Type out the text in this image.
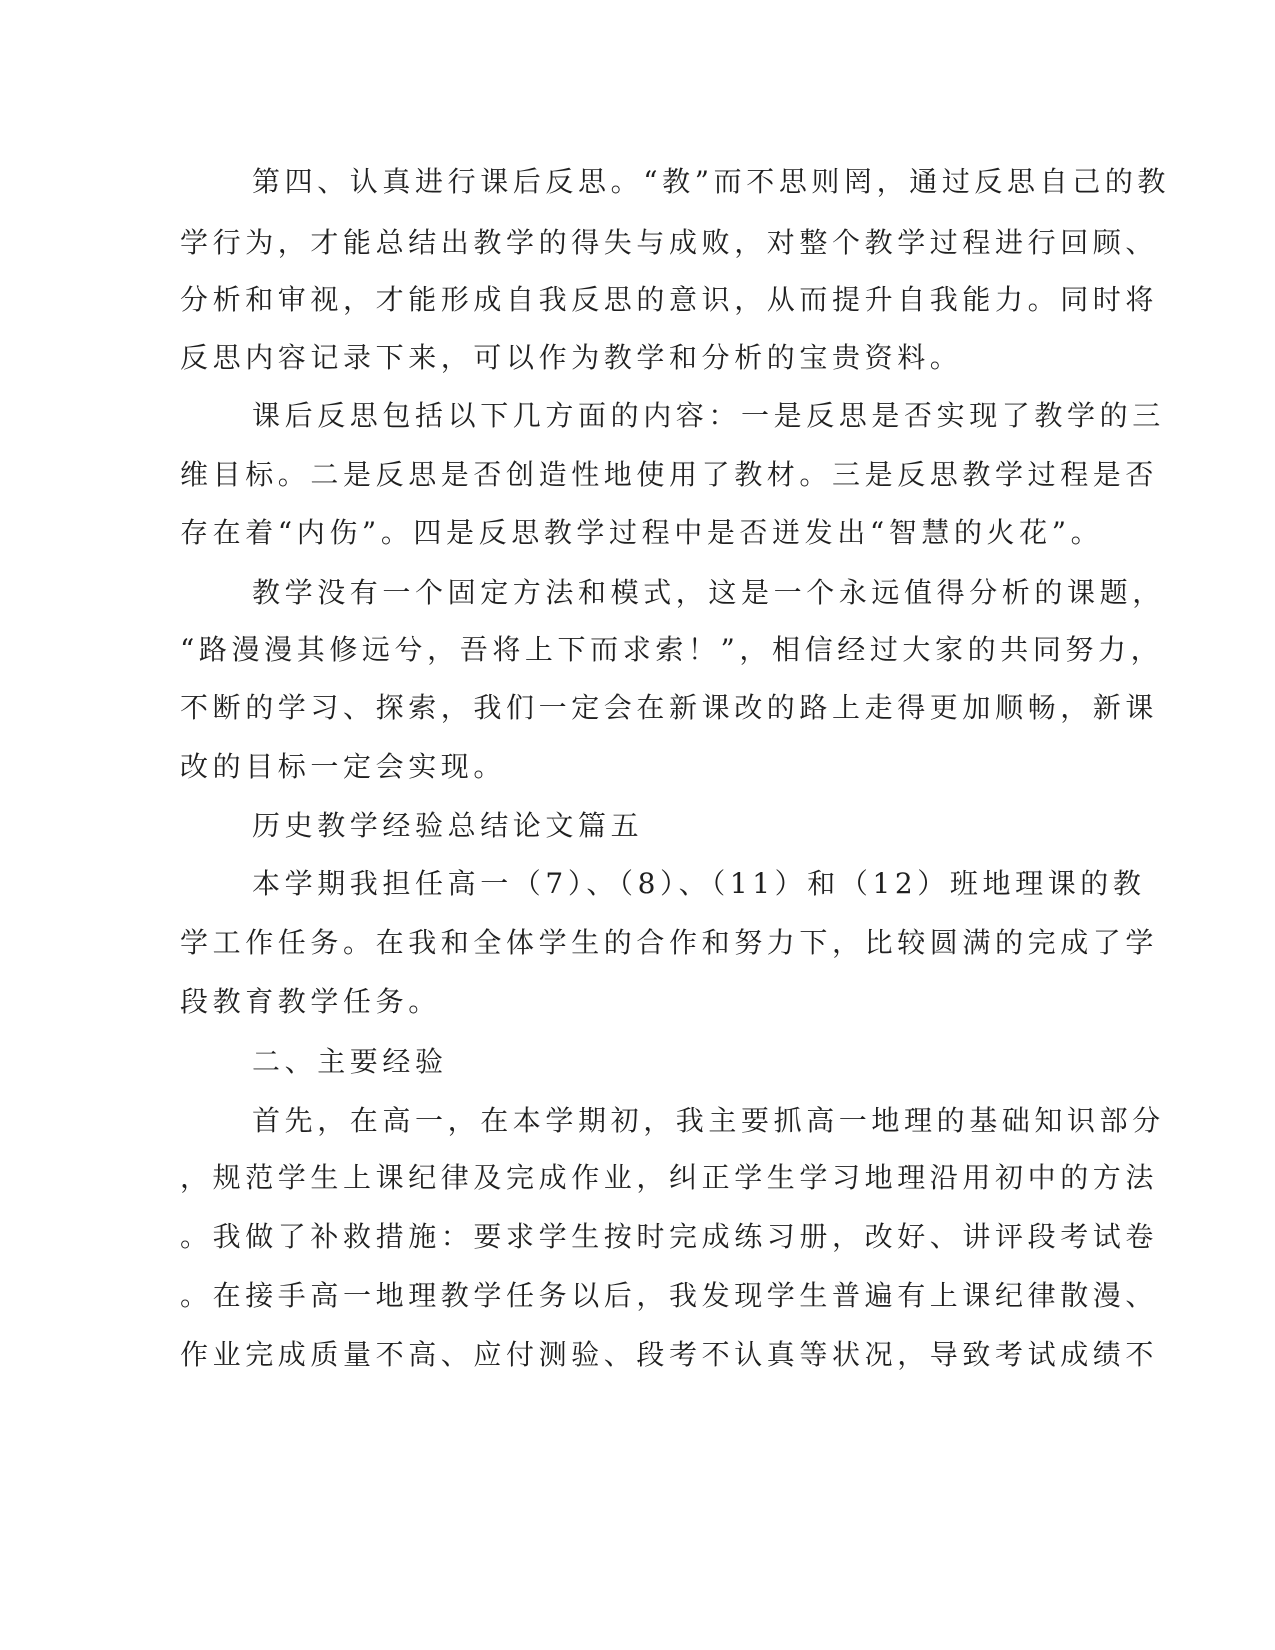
第四、认真进行课后反思。“教”而不思则罔，通过反思自己的教
学行为，才能总结出教学的得失与成败，对整个教学过程进行回顾、
分析和审视，才能形成自我反思的意识，从而提升自我能力。同时将
反思内容记录下来，可以作为教学和分析的宝贵资料。
课后反思包括以下几方面的内容：一是反思是否实现了教学的三
维目标。二是反思是否创造性地使用了教材。三是反思教学过程是否
存在着“内伤”。四是反思教学过程中是否迸发出“智慧的火花”。
教学没有一个固定方法和模式，这是一个永远值得分析的课题，
“路漫漫其修远兮，吾将上下而求索！”，相信经过大家的共同努力，
不断的学习、探索，我们一定会在新课改的路上走得更加顺畅，新课
改的目标一定会实现。
历史教学经验总结论文篇五
本学期我担任高一（7）、（8）、（11）和（12）班地理课的教
学工作任务。在我和全体学生的合作和努力下，比较圆满的完成了学
段教育教学任务。
二、主要经验
首先，在高一，在本学期初，我主要抓高一地理的基础知识部分
，规范学生上课纪律及完成作业，纠正学生学习地理沿用初中的方法
。我做了补救措施：要求学生按时完成练习册，改好、讲评段考试卷
。在接手高一地理教学任务以后，我发现学生普遍有上课纪律散漫、
作业完成质量不高、应付测验、段考不认真等状况，导致考试成绩不
